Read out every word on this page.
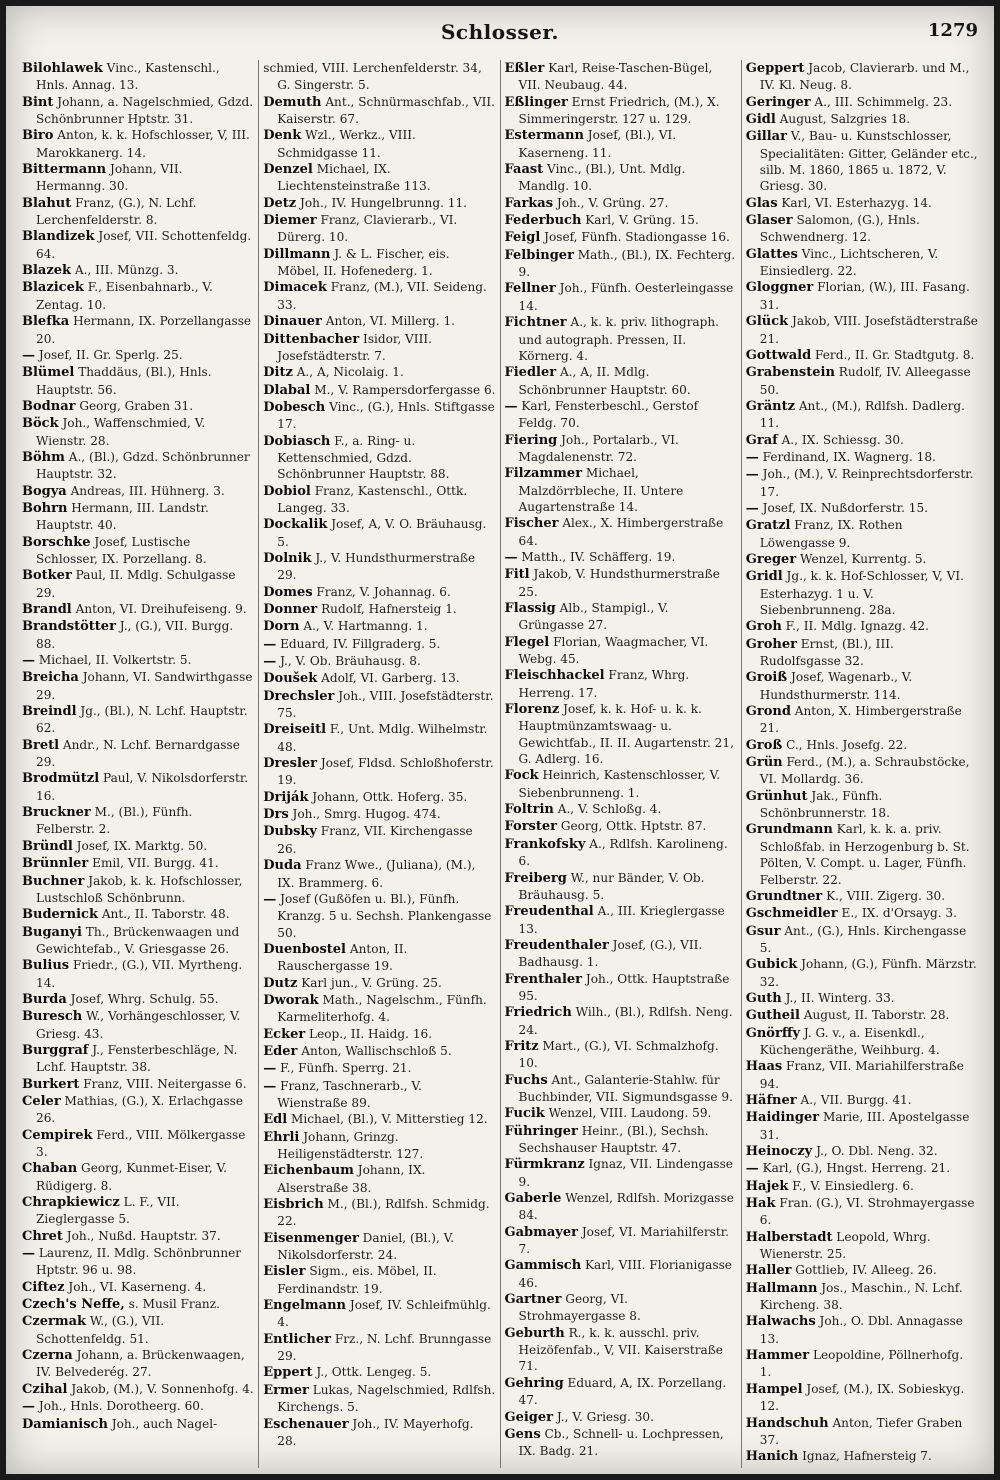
Schlosser.	1279

Bilohlawek Vinc., Kastenschl., Hnls. Annag. 13.

Bint Johann, a. Nagelschmied, Gdzd. Schönbrunner Hptstr. 31.

Biro Anton, k. k. Hofschlosser, V, III. Marokkanerg. 14.

Bittermann Johann, VII. Hermanng. 30.

Blahut Franz, (G.), N. Lchf. Lerchenfelderstr. 8.

Blandizek Josef, VII. Schottenfeldg. 64.

Blazek A., III. Münzg. 3.

Blazicek F., Eisenbahnarb., V. Zentag. 10.

Blefka Hermann, IX. Porzellangasse 20.

— Josef, II. Gr. Sperlg. 25.

Blümel Thaddäus, (Bl.), Hnls. Hauptstr. 56.

Bodnar Georg, Graben 31.

Böck Joh., Waffenschmied, V. Wienstr. 28.

Böhm A., (Bl.), Gdzd. Schönbrunner Hauptstr. 32.

Bogya Andreas, III. Hühnerg. 3.

Bohrn Hermann, III. Landstr. Hauptstr. 40.

Borschke Josef, Lustische Schlosser, IX. Porzellang. 8.

Botker Paul, II. Mdlg. Schulgasse 29.

Brandl Anton, VI. Dreihufeiseng. 9.

Brandstötter J., (G.), VII. Burgg. 88.

— Michael, II. Volkertstr. 5.

Breicha Johann, VI. Sandwirthgasse 29.

Breindl Jg., (Bl.), N. Lchf. Hauptstr. 62.

Bretl Andr., N. Lchf. Bernardgasse 29.

Brodmützl Paul, V. Nikolsdorferstr. 16.

Bruckner M., (Bl.), Fünfh. Felberstr. 2.

Bründl Josef, IX. Marktg. 50.

Brünnler Emil, VII. Burgg. 41.

Buchner Jakob, k. k. Hofschlosser, Lustschloß Schönbrunn.

Budernick Ant., II. Taborstr. 48.

Buganyi Th., Brückenwaagen und Gewichtefab., V. Griesgasse 26.

Bulius Friedr., (G.), VII. Myrtheng. 14.

Burda Josef, Whrg. Schulg. 55.

Buresch W., Vorhängeschlosser, V. Griesg. 43.

Burggraf J., Fensterbeschläge, N. Lchf. Hauptstr. 38.

Burkert Franz, VIII. Neitergasse 6.

Celer Mathias, (G.), X. Erlachgasse 26.

Cempirek Ferd., VIII. Mölkergasse 3.

Chaban Georg, Kunmet-Eiser, V. Rüdigerg. 8.

Chrapkiewicz L. F., VII. Zieglergasse 5.

Chret Joh., Nußd. Hauptstr. 37.

— Laurenz, II. Mdlg. Schönbrunner Hptstr. 96 u. 98.

Ciftez Joh., VI. Kaserneng. 4.

Czech's Neffe, s. Musil Franz.

Czermak W., (G.), VII. Schottenfeldg. 51.

Czerna Johann, a. Brückenwaagen, IV. Belvederég. 27.

Czihal Jakob, (M.), V. Sonnenhofg. 4.

— Joh., Hnls. Dorotheerg. 60.

Damianisch Joh., auch Nagel-

schmied, VIII. Lerchenfelderstr. 34, G. Singerstr. 5.

Demuth Ant., Schnürmaschfab., VII. Kaiserstr. 67.

Denk Wzl., Werkz., VIII. Schmidgasse 11.

Denzel Michael, IX. Liechtensteinstraße 113.

Detz Joh., IV. Hungelbrunng. 11.

Diemer Franz, Clavierarb., VI. Dürerg. 10.

Dillmann J. & L. Fischer, eis. Möbel, II. Hofenederg. 1.

Dimacek Franz, (M.), VII. Seideng. 33.

Dinauer Anton, VI. Millerg. 1.

Dittenbacher Isidor, VIII. Josefstädterstr. 7.

Ditz A., A, Nicolaig. 1.

Dlabal M., V. Rampersdorfergasse 6.

Dobesch Vinc., (G.), Hnls. Stiftgasse 17.

Dobiasch F., a. Ring- u. Kettenschmied, Gdzd. Schönbrunner Hauptstr. 88.

Dobiol Franz, Kastenschl., Ottk. Langeg. 33.

Dockalik Josef, A, V. O. Bräuhausg. 5.

Dolnik J., V. Hundsthurmerstraße 29.

Domes Franz, V. Johannag. 6.

Donner Rudolf, Hafnersteig 1.

Dorn A., V. Hartmanng. 1.

— Eduard, IV. Fillgraderg. 5.

— J., V. Ob. Bräuhausg. 8.

Doušek Adolf, VI. Garberg. 13.

Drechsler Joh., VIII. Josefstädterstr. 75.

Dreiseitl F., Unt. Mdlg. Wilhelmstr. 48.

Dresler Josef, Fldsd. Schloßhoferstr. 19.

Driják Johann, Ottk. Hoferg. 35.

Drs Joh., Smrg. Hugog. 474.

Dubsky Franz, VII. Kirchengasse 26.

Duda Franz Wwe., (Juliana), (M.), IX. Brammerg. 6.

— Josef (Gußöfen u. Bl.), Fünfh. Kranzg. 5 u. Sechsh. Plankengasse 50.

Duenbostel Anton, II. Rauschergasse 19.

Dutz Karl jun., V. Grüng. 25.

Dworak Math., Nagelschm., Fünfh. Karmeliterhofg. 4.

Ecker Leop., II. Haidg. 16.

Eder Anton, Wallischschloß 5.

— F., Fünfh. Sperrg. 21.

— Franz, Taschnerarb., V. Wienstraße 89.

Edl Michael, (Bl.), V. Mitterstieg 12.

Ehrli Johann, Grinzg. Heiligenstädterstr. 127.

Eichenbaum Johann, IX. Alserstraße 38.

Eisbrich M., (Bl.), Rdlfsh. Schmidg. 22.

Eisenmenger Daniel, (Bl.), V. Nikolsdorferstr. 24.

Eisler Sigm., eis. Möbel, II. Ferdinandstr. 19.

Engelmann Josef, IV. Schleifmühlg. 4.

Entlicher Frz., N. Lchf. Brunngasse 29.

Eppert J., Ottk. Lengeg. 5.

Ermer Lukas, Nagelschmied, Rdlfsh. Kirchengs. 5.

Eschenauer Joh., IV. Mayerhofg. 28.

Eßler Karl, Reise-Taschen-Bügel, VII. Neubaug. 44.

Eßlinger Ernst Friedrich, (M.), X. Simmeringerstr. 127 u. 129.

Estermann Josef, (Bl.), VI. Kaserneng. 11.

Faast Vinc., (Bl.), Unt. Mdlg. Mandlg. 10.

Farkas Joh., V. Grüng. 27.

Federbuch Karl, V. Grüng. 15.

Feigl Josef, Fünfh. Stadiongasse 16.

Felbinger Math., (Bl.), IX. Fechterg. 9.

Fellner Joh., Fünfh. Oesterleingasse 14.

Fichtner A., k. k. priv. lithograph. und autograph. Pressen, II. Körnerg. 4.

Fiedler A., A, II. Mdlg. Schönbrunner Hauptstr. 60.

— Karl, Fensterbeschl., Gerstof Feldg. 70.

Fiering Joh., Portalarb., VI. Magdalenenstr. 72.

Filzammer Michael, Malzdörrbleche, II. Untere Augartenstraße 14.

Fischer Alex., X. Himbergerstraße 64.

— Matth., IV. Schäfferg. 19.

Fitl Jakob, V. Hundsthurmerstraße 25.

Flassig Alb., Stampigl., V. Grüngasse 27.

Flegel Florian, Waagmacher, VI. Webg. 45.

Fleischhackel Franz, Whrg. Herreng. 17.

Florenz Josef, k. k. Hof- u. k. k. Hauptmünzamtswaag- u. Gewichtfab., II. II. Augartenstr. 21, G. Adlerg. 16.

Fock Heinrich, Kastenschlosser, V. Siebenbrunneng. 1.

Foltrin A., V. Schloßg. 4.

Forster Georg, Ottk. Hptstr. 87.

Frankofsky A., Rdlfsh. Karolineng. 6.

Freiberg W., nur Bänder, V. Ob. Bräuhausg. 5.

Freudenthal A., III. Krieglergasse 13.

Freudenthaler Josef, (G.), VII. Badhausg. 1.

Frenthaler Joh., Ottk. Hauptstraße 95.

Friedrich Wilh., (Bl.), Rdlfsh. Neng. 24.

Fritz Mart., (G.), VI. Schmalzhofg. 10.

Fuchs Ant., Galanterie-Stahlw. für Buchbinder, VII. Sigmundsgasse 9.

Fucik Wenzel, VIII. Laudong. 59.

Führinger Heinr., (Bl.), Sechsh. Sechshauser Hauptstr. 47.

Fürmkranz Ignaz, VII. Lindengasse 9.

Gaberle Wenzel, Rdlfsh. Morizgasse 84.

Gabmayer Josef, VI. Mariahilferstr. 7.

Gammisch Karl, VIII. Florianigasse 46.

Gartner Georg, VI. Strohmayergasse 8.

Geburth R., k. k. ausschl. priv. Heizöfenfab., V, VII. Kaiserstraße 71.

Gehring Eduard, A, IX. Porzellang. 47.

Geiger J., V. Griesg. 30.

Gens Cb., Schnell- u. Lochpressen, IX. Badg. 21.

Geppert Jacob, Clavierarb. und M., IV. Kl. Neug. 8.

Geringer A., III. Schimmelg. 23.

Gidl August, Salzgries 18.

Gillar V., Bau- u. Kunstschlosser, Specialitäten: Gitter, Geländer etc., silb. M. 1860, 1865 u. 1872, V. Griesg. 30.

Glas Karl, VI. Esterhazyg. 14.

Glaser Salomon, (G.), Hnls. Schwendnerg. 12.

Glattes Vinc., Lichtscheren, V. Einsiedlerg. 22.

Gloggner Florian, (W.), III. Fasang. 31.

Glück Jakob, VIII. Josefstädterstraße 21.

Gottwald Ferd., II. Gr. Stadtgutg. 8.

Grabenstein Rudolf, IV. Alleegasse 50.

Gräntz Ant., (M.), Rdlfsh. Dadlerg. 11.

Graf A., IX. Schiessg. 30.

— Ferdinand, IX. Wagnerg. 18.

— Joh., (M.), V. Reinprechtsdorferstr. 17.

— Josef, IX. Nußdorferstr. 15.

Gratzl Franz, IX. Rothen Löwengasse 9.

Greger Wenzel, Kurrentg. 5.

Gridl Jg., k. k. Hof-Schlosser, V, VI. Esterhazyg. 1 u. V. Siebenbrunneng. 28a.

Groh F., II. Mdlg. Ignazg. 42.

Groher Ernst, (Bl.), III. Rudolfsgasse 32.

Groiß Josef, Wagenarb., V. Hundsthurmerstr. 114.

Grond Anton, X. Himbergerstraße 21.

Groß C., Hnls. Josefg. 22.

Grün Ferd., (M.), a. Schraubstöcke, VI. Mollardg. 36.

Grünhut Jak., Fünfh. Schönbrunnerstr. 18.

Grundmann Karl, k. k. a. priv. Schloßfab. in Herzogenburg b. St. Pölten, V. Compt. u. Lager, Fünfh. Felberstr. 22.

Grundtner K., VIII. Zigerg. 30.

Gschmeidler E., IX. d'Orsayg. 3.

Gsur Ant., (G.), Hnls. Kirchengasse 5.

Gubick Johann, (G.), Fünfh. Märzstr. 32.

Guth J., II. Winterg. 33.

Gutheil August, II. Taborstr. 28.

Gnörffy J. G. v., a. Eisenkdl., Küchengeräthe, Weihburg. 4.

Haas Franz, VII. Mariahilferstraße 94.

Häfner A., VII. Burgg. 41.

Haidinger Marie, III. Apostelgasse 31.

Heinoczy J., O. Dbl. Neng. 32.

— Karl, (G.), Hngst. Herreng. 21.

Hajek F., V. Einsiedlerg. 6.

Hak Fran. (G.), VI. Strohmayergasse 6.

Halberstadt Leopold, Whrg. Wienerstr. 25.

Haller Gottlieb, IV. Alleeg. 26.

Hallmann Jos., Maschin., N. Lchf. Kircheng. 38.

Halwachs Joh., O. Dbl. Annagasse 13.

Hammer Leopoldine, Pöllnerhofg. 1.

Hampel Josef, (M.), IX. Sobieskyg. 12.

Handschuh Anton, Tiefer Graben 37.

Hanich Ignaz, Hafnersteig 7.
